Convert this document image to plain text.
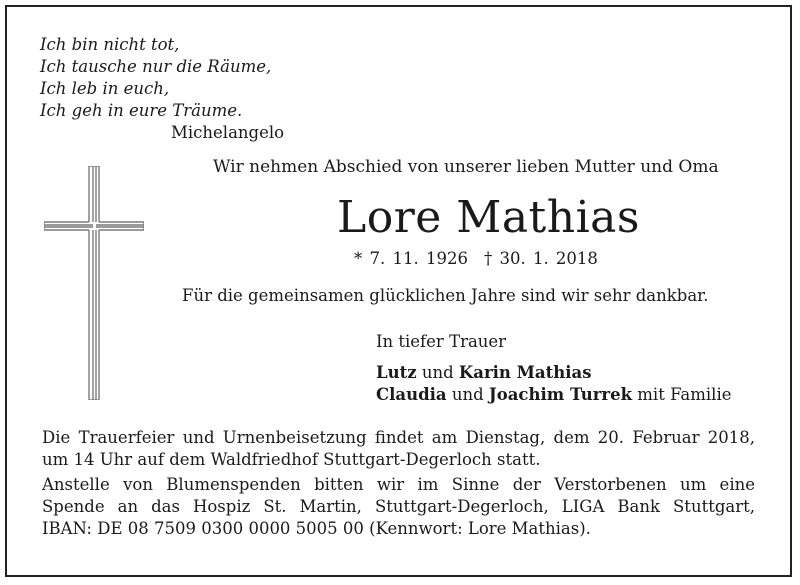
Ich bin nicht tot,
Ich tausche nur die Räume,
Ich leb in euch,
Ich geh in eure Träume.
Michelangelo
Wir nehmen Abschied von unserer lieben Mutter und Oma
Lore Mathias
* 7. 11. 1926 † 30. 1. 2018
Für die gemeinsamen glücklichen Jahre sind wir sehr dankbar.
In tiefer Trauer
Lutz und Karin Mathias
Claudia und Joachim Turrek mit Familie
Die Trauerfeier und Urnenbeisetzung findet am Dienstag, dem 20. Februar 2018,
um 14 Uhr auf dem Waldfriedhof Stuttgart-Degerloch statt.
Anstelle von Blumenspenden bitten wir im Sinne der Verstorbenen um eine
Spende an das Hospiz St. Martin, Stuttgart-Degerloch, LIGA Bank Stuttgart,
IBAN: DE 08 7509 0300 0000 5005 00 (Kennwort: Lore Mathias).
